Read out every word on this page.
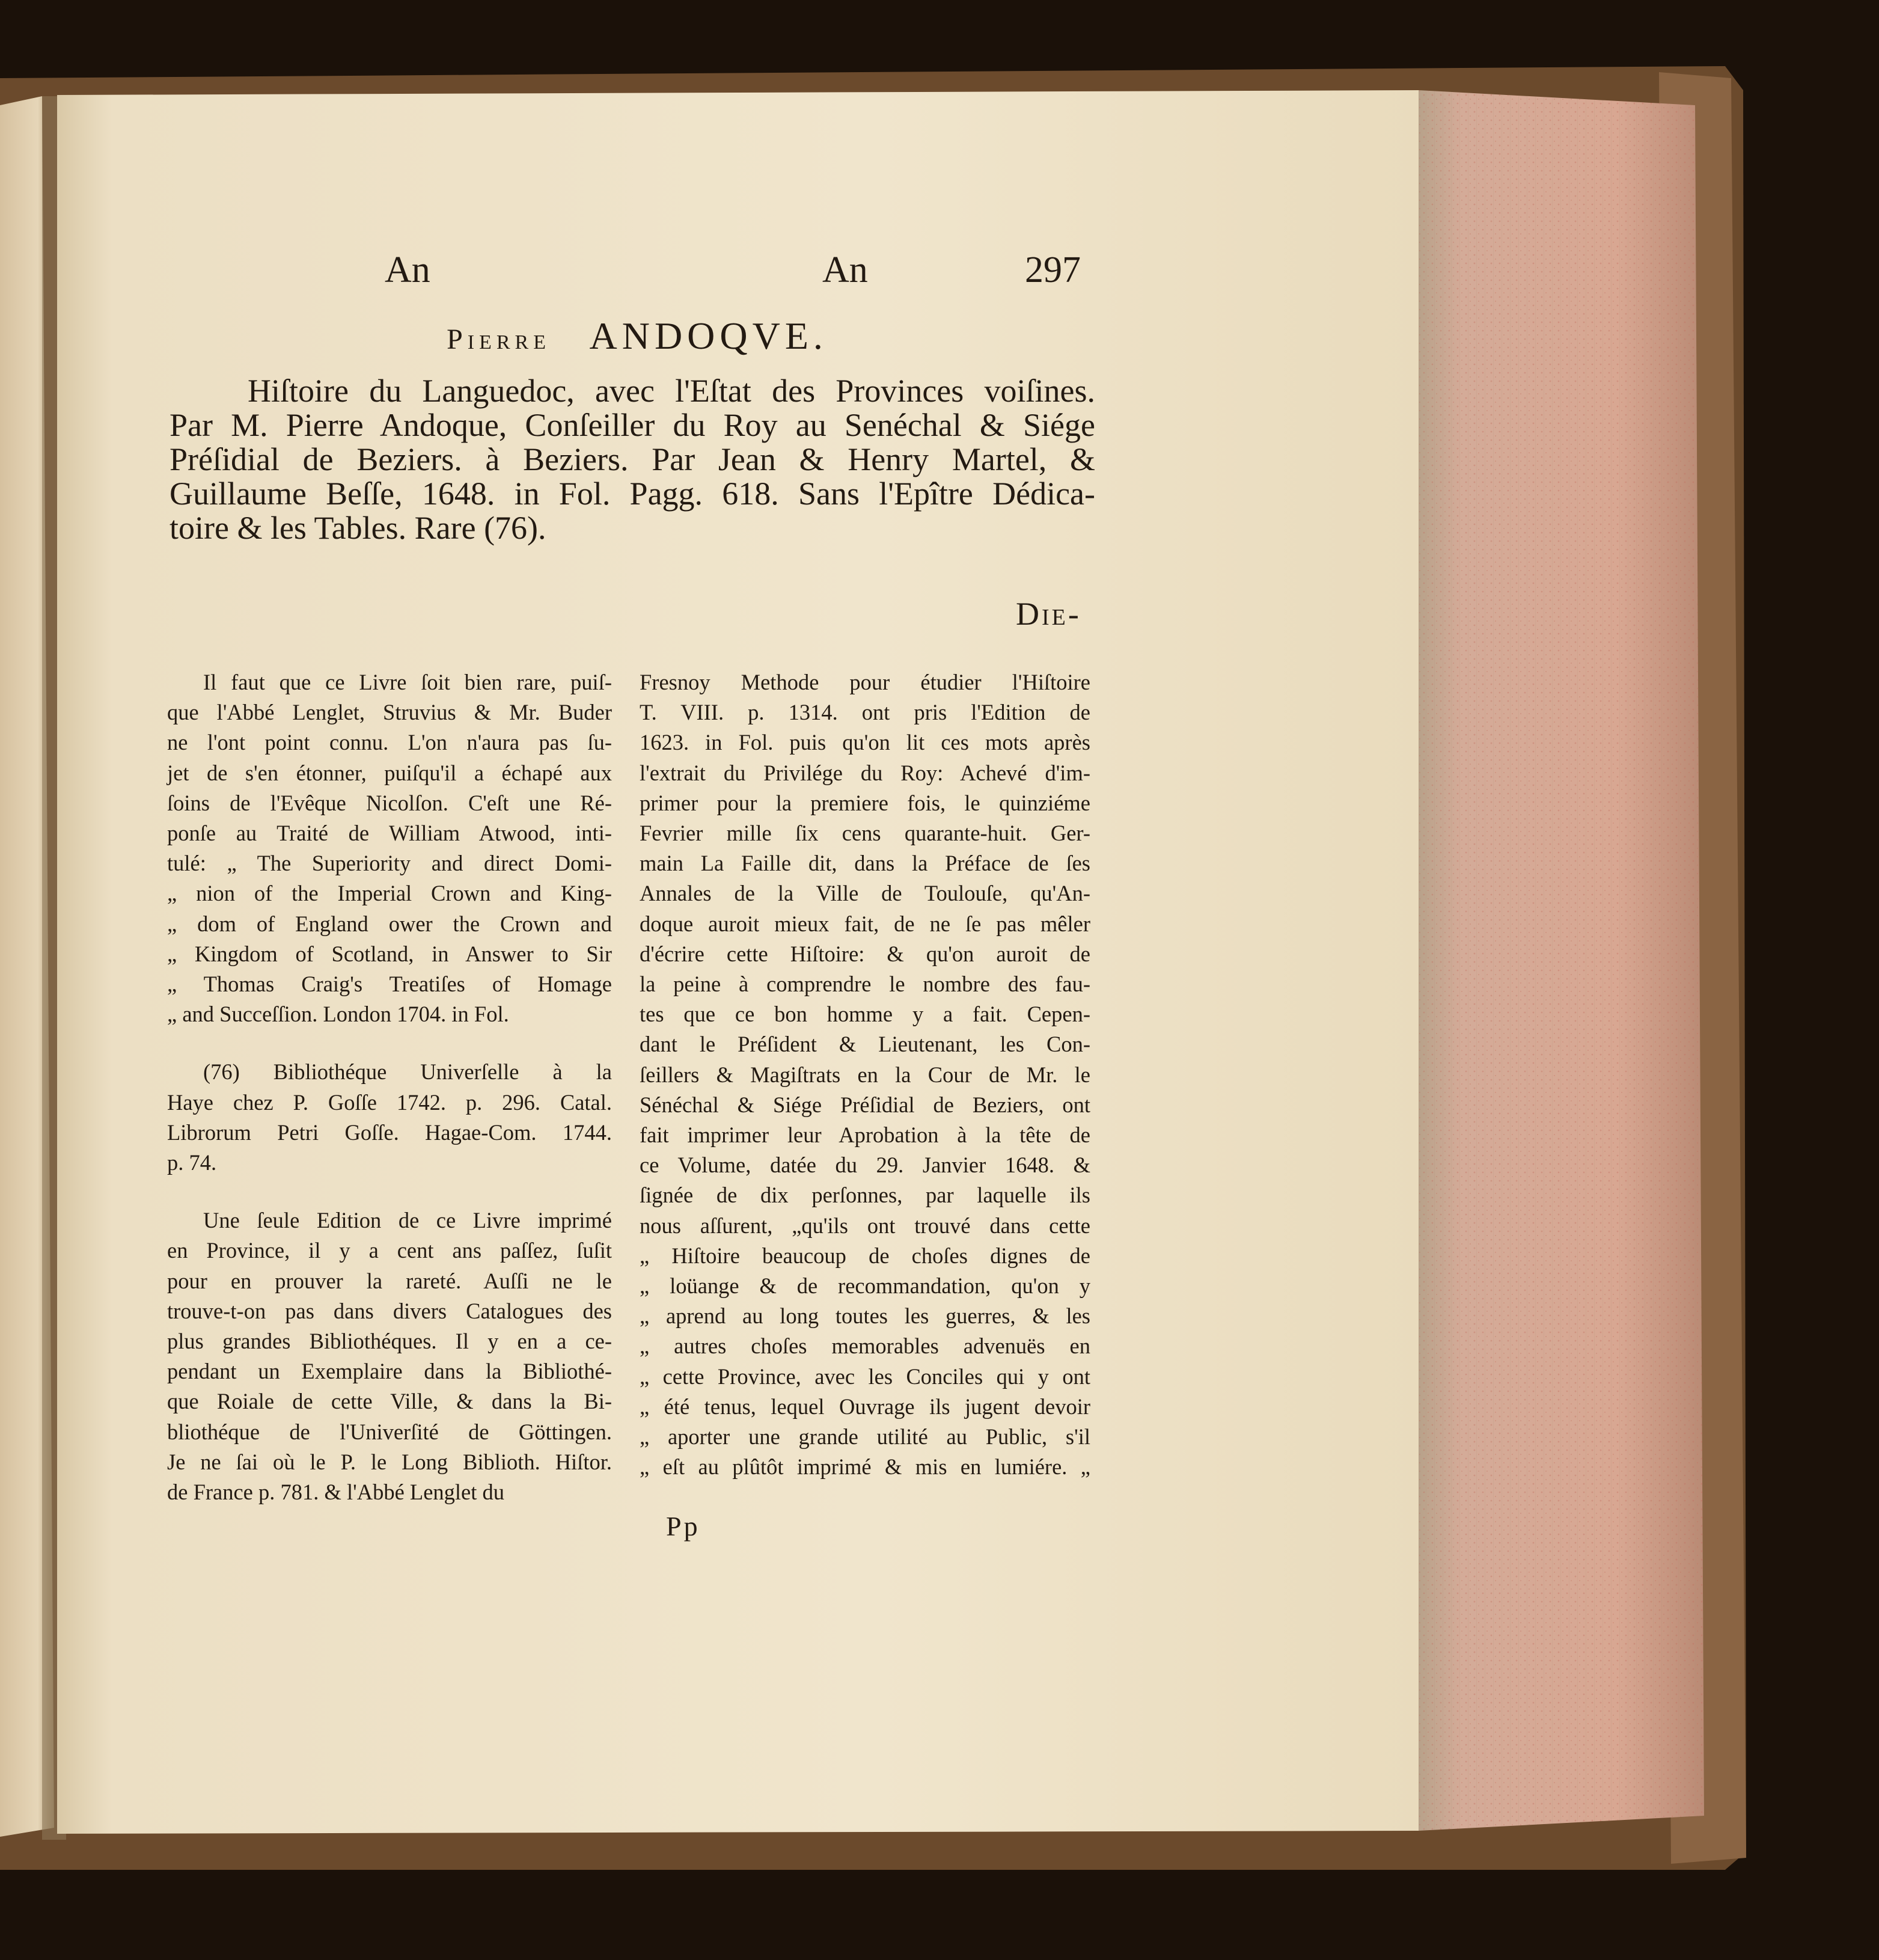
An	An	297
Pierre ANDOQVE.
Hiſtoire du Languedoc, avec l'Eſtat des Provinces voiſines.
Par M. Pierre Andoque, Conſeiller du Roy au Senéchal & Siége
Préſidial de Beziers. à Beziers. Par Jean & Henry Martel, &
Guillaume Beſſe, 1648. in Fol. Pagg. 618. Sans l'Epître Dédica-
toire & les Tables. Rare (76).
Die-

Il faut que ce Livre ſoit bien rare, puiſ-

que l'Abbé Lenglet, Struvius & Mr. Buder

ne l'ont point connu. L'on n'aura pas ſu-

jet de s'en étonner, puiſqu'il a échapé aux

ſoins de l'Evêque Nicolſon. C'eſt une Ré-

ponſe au Traité de William Atwood, inti-

tulé: „ The Superiority and direct Domi-

„ nion of the Imperial Crown and King-

„ dom of England ower the Crown and

„ Kingdom of Scotland, in Answer to Sir

„ Thomas Craig's Treatiſes of Homage

„ and Succeſſion. London 1704. in Fol.

(76) Bibliothéque Univerſelle à la

Haye chez P. Goſſe 1742. p. 296. Catal.

Librorum Petri Goſſe. Hagae-Com. 1744.

p. 74.

Une ſeule Edition de ce Livre imprimé

en Province, il y a cent ans paſſez, ſuſit

pour en prouver la rareté. Auſſi ne le

trouve-t-on pas dans divers Catalogues des

plus grandes Bibliothéques. Il y en a ce-

pendant un Exemplaire dans la Bibliothé-

que Roiale de cette Ville, & dans la Bi-

bliothéque de l'Univerſité de Göttingen.

Je ne ſai où le P. le Long Biblioth. Hiſtor.

de France p. 781. & l'Abbé Lenglet du

Fresnoy Methode pour étudier l'Hiſtoire

T. VIII. p. 1314. ont pris l'Edition de

1623. in Fol. puis qu'on lit ces mots après

l'extrait du Privilége du Roy: Achevé d'im-

primer pour la premiere fois, le quinziéme

Fevrier mille ſix cens quarante-huit. Ger-

main La Faille dit, dans la Préface de ſes

Annales de la Ville de Toulouſe, qu'An-

doque auroit mieux fait, de ne ſe pas mêler

d'écrire cette Hiſtoire: & qu'on auroit de

la peine à comprendre le nombre des fau-

tes que ce bon homme y a fait. Cepen-

dant le Préſident & Lieutenant, les Con-

ſeillers & Magiſtrats en la Cour de Mr. le

Sénéchal & Siége Préſidial de Beziers, ont

fait imprimer leur Aprobation à la tête de

ce Volume, datée du 29. Janvier 1648. &

ſignée de dix perſonnes, par laquelle ils

nous aſſurent, „qu'ils ont trouvé dans cette

„ Hiſtoire beaucoup de choſes dignes de

„ loüange & de recommandation, qu'on y

„ aprend au long toutes les guerres, & les

„ autres choſes memorables advenuës en

„ cette Province, avec les Conciles qui y ont

„ été tenus, lequel Ouvrage ils jugent devoir

„ aporter une grande utilité au Public, s'il

„ eſt au plûtôt imprimé & mis en lumiére. „

Pp
